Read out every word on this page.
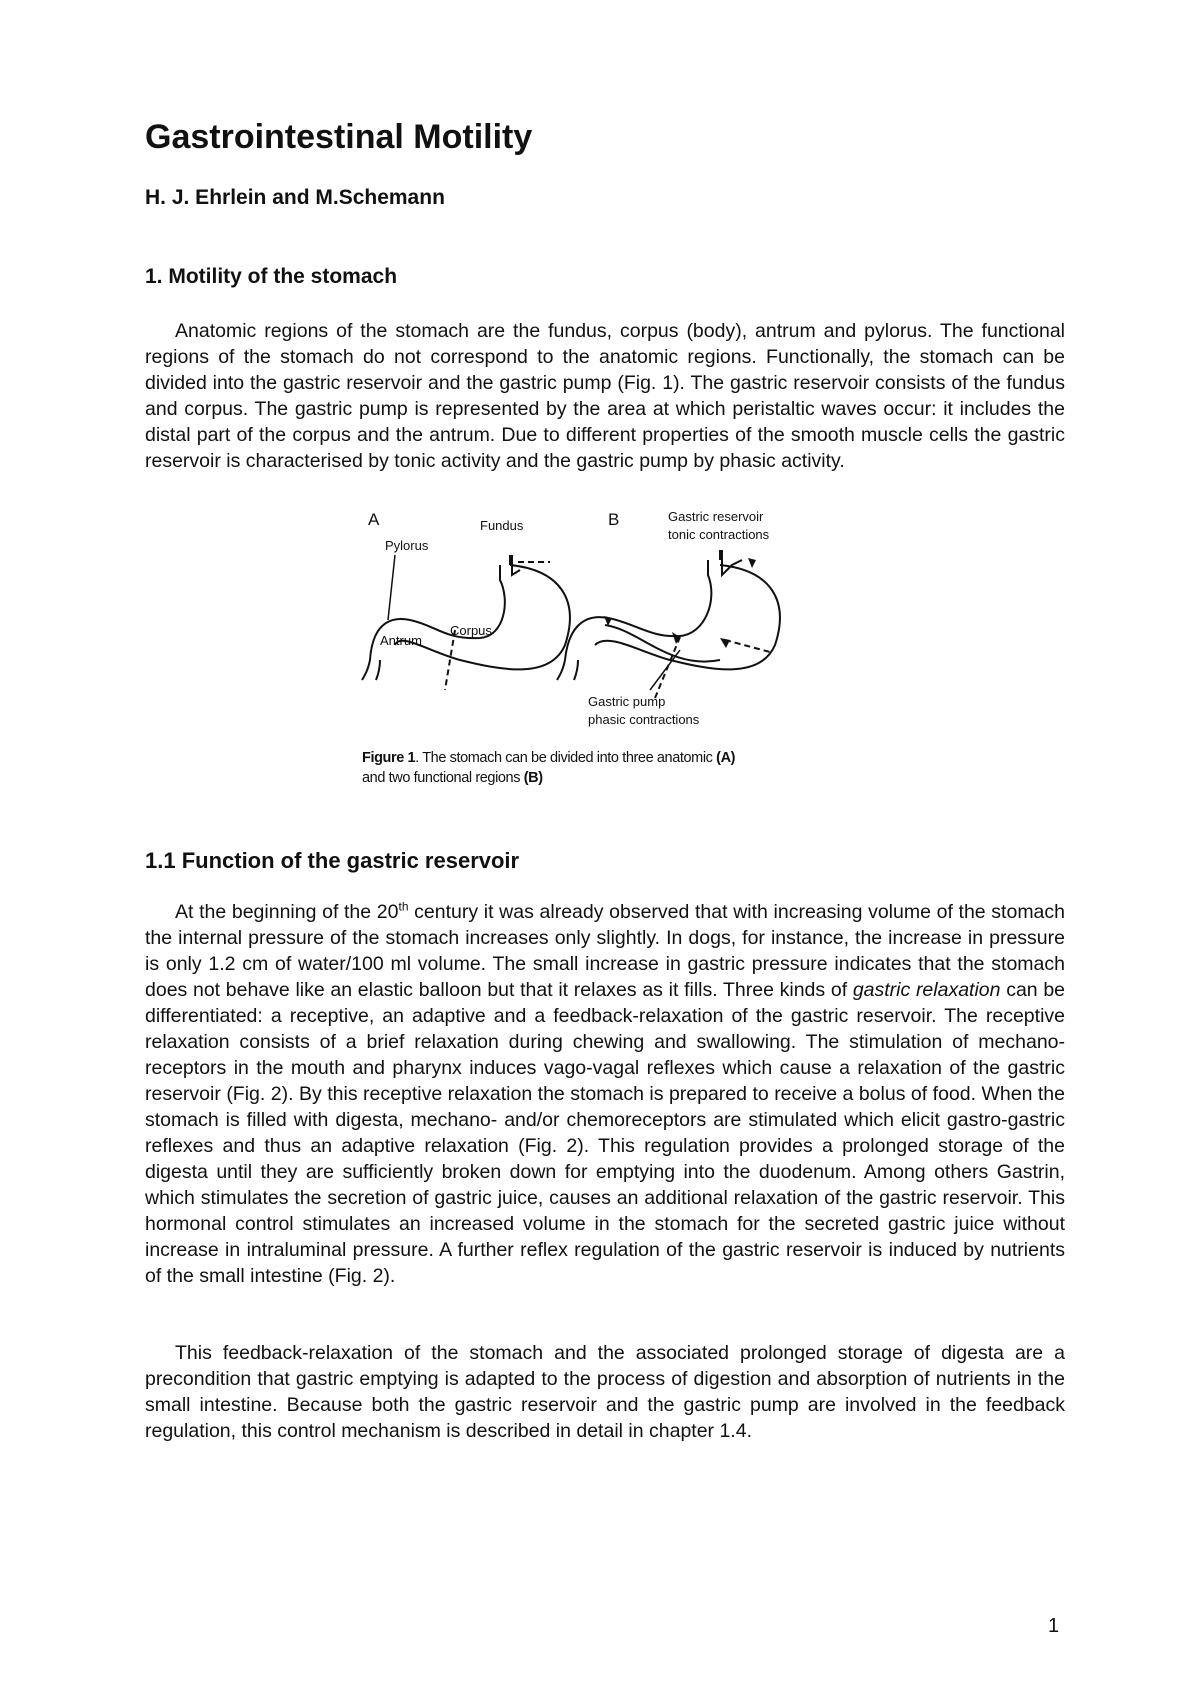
Gastrointestinal Motility
H. J. Ehrlein and M.Schemann
1. Motility of the stomach

Anatomic regions of the stomach are the fundus, corpus (body), antrum and pylorus. The functional regions of the stomach do not correspond to the anatomic regions. Functionally, the stomach can be divided into the gastric reservoir and the gastric pump (Fig. 1). The gastric reservoir consists of the fundus and corpus. The gastric pump is represented by the area at which peristaltic waves occur: it includes the distal part of the corpus and the antrum. Due to different properties of the smooth muscle cells the gastric reservoir is characterised by tonic activity and the gastric pump by phasic activity.

A	B
Fundus
Pylorus
Antrum
Corpus
Gastric reservoir
tonic contractions
Gastric pump
phasic contractions
Figure 1. The stomach can be divided into three anatomic (A)
and two functional regions (B)
1.1 Function of the gastric reservoir

At the beginning of the 20th century it was already observed that with increasing volume of the stomach the internal pressure of the stomach increases only slightly. In dogs, for instance, the increase in pressure is only 1.2 cm of water/100 ml volume. The small increase in gastric pressure indicates that the stomach does not behave like an elastic balloon but that it relaxes as it fills. Three kinds of gastric relaxation can be differentiated: a receptive, an adaptive and a feedback-relaxation of the gastric reservoir. The receptive relaxation consists of a brief relaxation during chewing and swallowing. The stimulation of mechano-receptors in the mouth and pharynx induces vago-vagal reflexes which cause a relaxation of the gastric reservoir (Fig. 2). By this receptive relaxation the stomach is prepared to receive a bolus of food. When the stomach is filled with digesta, mechano- and/or chemoreceptors are stimulated which elicit gastro-gastric reflexes and thus an adaptive relaxation (Fig. 2). This regulation provides a prolonged storage of the digesta until they are sufficiently broken down for emptying into the duodenum. Among others Gastrin, which stimulates the secretion of gastric juice, causes an additional relaxation of the gastric reservoir. This hormonal control stimulates an increased volume in the stomach for the secreted gastric juice without increase in intraluminal pressure. A further reflex regulation of the gastric reservoir is induced by nutrients of the small intestine (Fig. 2).

This feedback-relaxation of the stomach and the associated prolonged storage of digesta are a precondition that gastric emptying is adapted to the process of digestion and absorption of nutrients in the small intestine. Because both the gastric reservoir and the gastric pump are involved in the feedback regulation, this control mechanism is described in detail in chapter 1.4.

1
